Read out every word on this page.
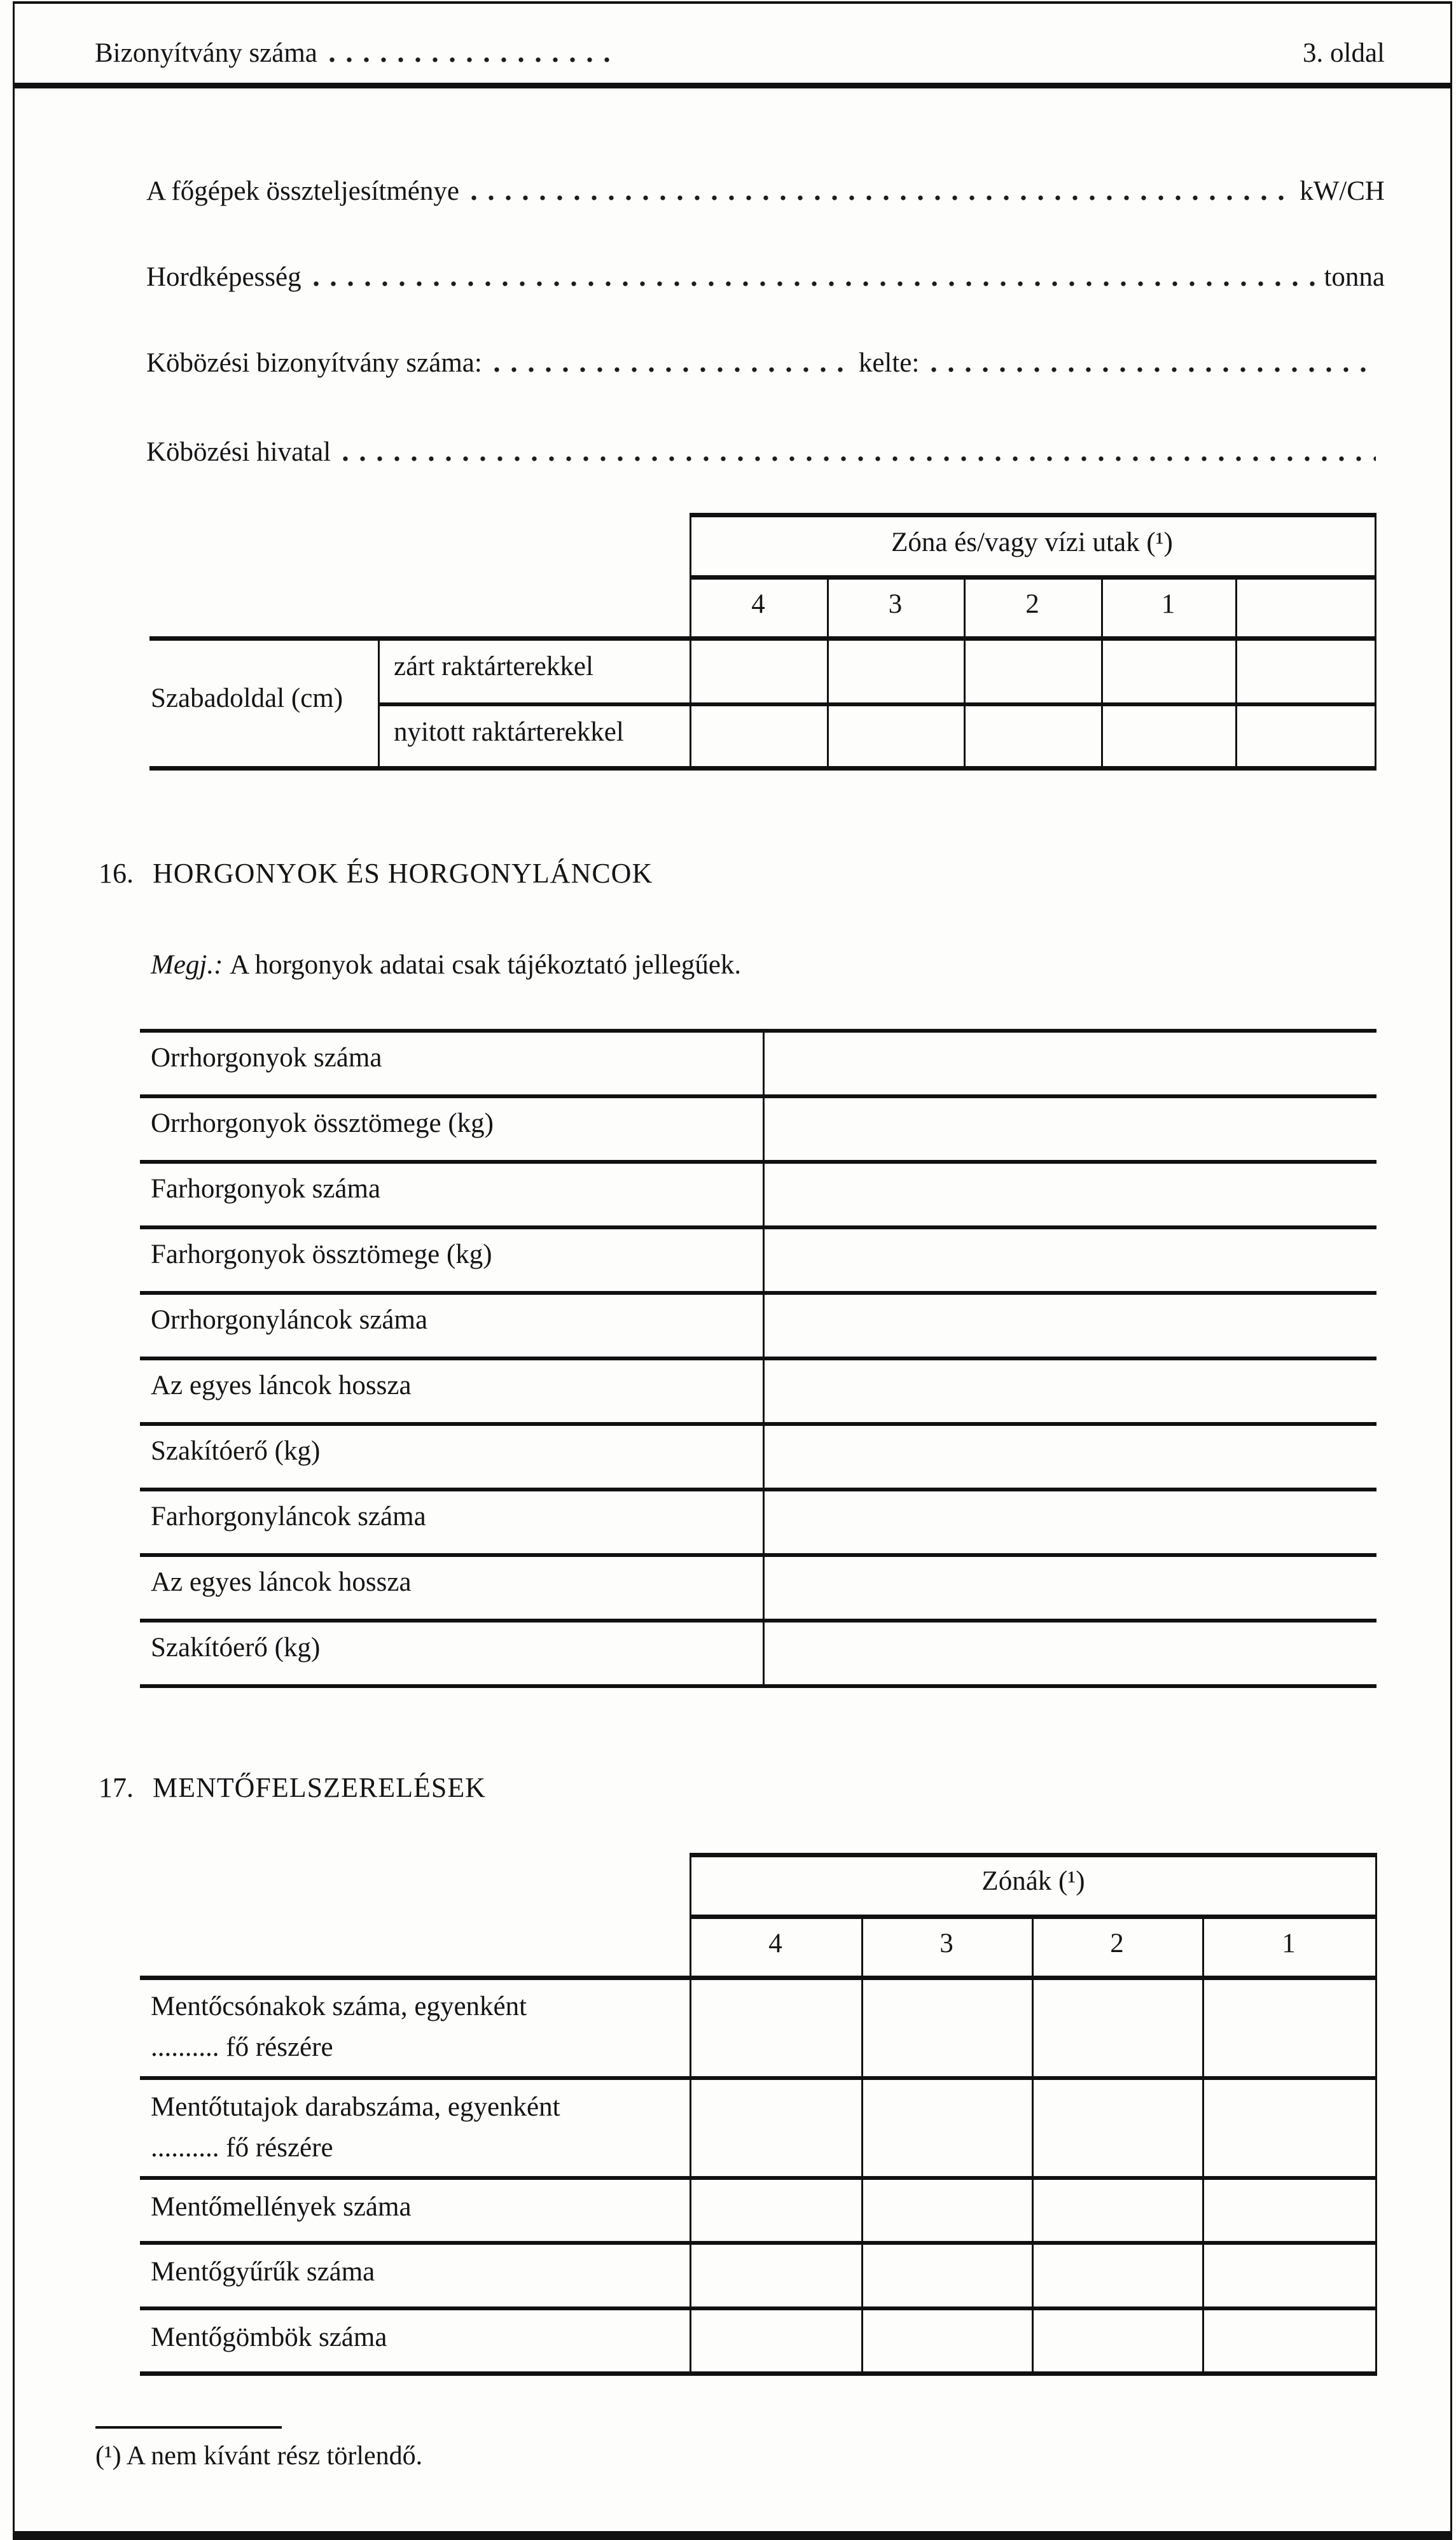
Bizonyítvány száma	3. oldal
A főgépek összteljesítménye	kW/CH
Hordképesség	tonna
Köbözési bizonyítvány száma:	kelte:
Köbözési hivatal
Zóna és/vagy vízi utak (¹)
4	3	2	1
Szabadoldal (cm)
zárt raktárterekkel
nyitott raktárterekkel
16. HORGONYOK ÉS HORGONYLÁNCOK
Megj.: A horgonyok adatai csak tájékoztató jellegűek.
Orrhorgonyok száma
Orrhorgonyok össztömege (kg)
Farhorgonyok száma
Farhorgonyok össztömege (kg)
Orrhorgonyláncok száma
Az egyes láncok hossza
Szakítóerő (kg)
Farhorgonyláncok száma
Az egyes láncok hossza
Szakítóerő (kg)
17. MENTŐFELSZERELÉSEK
Zónák (¹)
4	3	2	1
Mentőcsónakok száma, egyenként
.......... fő részére
Mentőtutajok darabszáma, egyenként
.......... fő részére
Mentőmellények száma
Mentőgyűrűk száma
Mentőgömbök száma
(¹) A nem kívánt rész törlendő.
